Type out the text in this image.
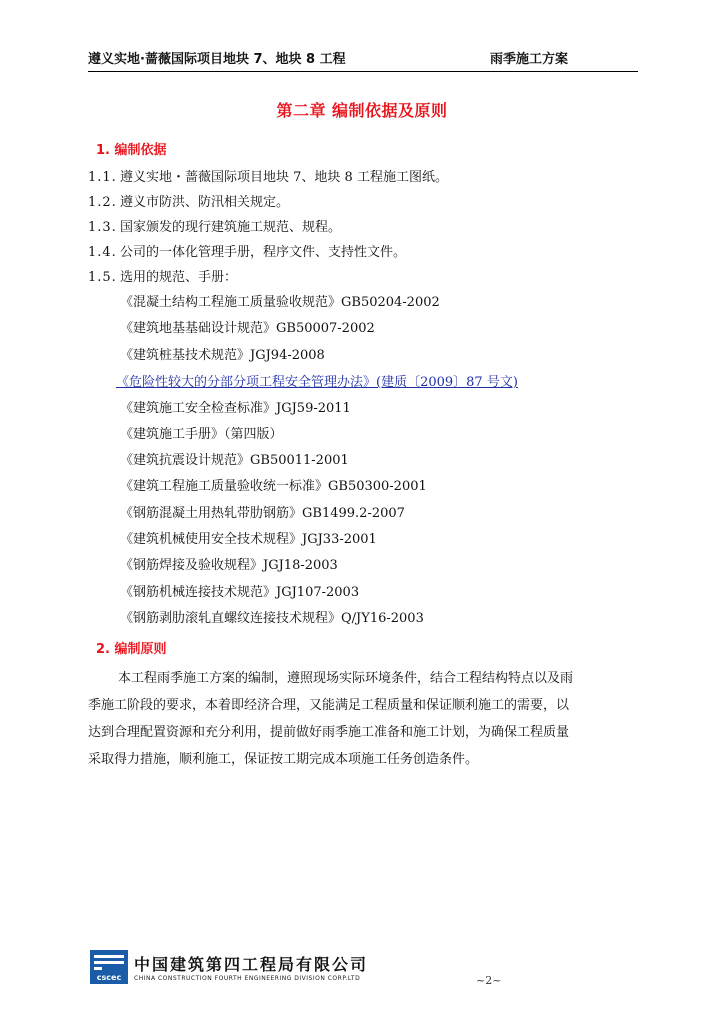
遵义实地·蔷薇国际项目地块 7、地块 8 工程	雨季施工方案
第二章 编制依据及原则
1. 编制依据
1.1. 遵义实地・蔷薇国际项目地块 7、地块 8 工程施工图纸。
1.2. 遵义市防洪、防汛相关规定。
1.3. 国家颁发的现行建筑施工规范、规程。
1.4. 公司的一体化管理手册，程序文件、支持性文件。
1.5. 选用的规范、手册：
《混凝土结构工程施工质量验收规范》GB50204-2002
《建筑地基基础设计规范》GB50007-2002
《建筑桩基技术规范》JGJ94-2008
《危险性较大的分部分项工程安全管理办法》(建质〔2009〕87 号文)
《建筑施工安全检查标准》JGJ59-2011
《建筑施工手册》（第四版）
《建筑抗震设计规范》GB50011-2001
《建筑工程施工质量验收统一标准》GB50300-2001
《钢筋混凝土用热轧带肋钢筋》GB1499.2-2007
《建筑机械使用安全技术规程》JGJ33-2001
《钢筋焊接及验收规程》JGJ18-2003
《钢筋机械连接技术规范》JGJ107-2003
《钢筋剥肋滚轧直螺纹连接技术规程》Q/JY16-2003
2. 编制原则
本工程雨季施工方案的编制，遵照现场实际环境条件，结合工程结构特点以及雨
季施工阶段的要求，本着即经济合理，又能满足工程质量和保证顺利施工的需要，以
达到合理配置资源和充分利用，提前做好雨季施工准备和施工计划，为确保工程质量
采取得力措施，顺利施工，保证按工期完成本项施工任务创造条件。
cscec
中国建筑第四工程局有限公司
CHINA CONSTRUCTION FOURTH ENGINEERING DIVISION CORP.LTD	~2~
